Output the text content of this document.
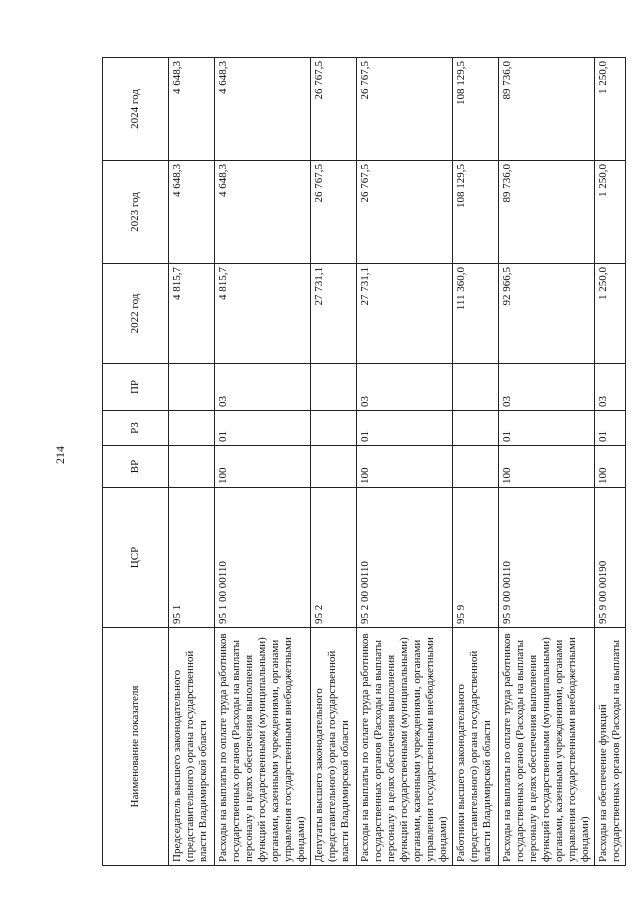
214
Наименование показателя	ЦСР	ВР	РЗ	ПР	2022 год	2023 год	2024 год
Председатель высшего законодательного (представительного) органа государственной власти Владимирской области	95 1				4 815,7	4 648,3	4 648,3
Расходы на выплаты по оплате труда работников государственных органов (Расходы на выплаты персоналу в целях обеспечения выполнения функций государственными (муниципальными) органами, казенными учреждениями, органами управления государственными внебюджетными фондами)	95 1 00 00110	100	01	03	4 815,7	4 648,3	4 648,3
Депутаты высшего законодательного (представительного) органа государственной власти Владимирской области	95 2				27 731,1	26 767,5	26 767,5
Расходы на выплаты по оплате труда работников государственных органов (Расходы на выплаты персоналу в целях обеспечения выполнения функций государственными (муниципальными) органами, казенными учреждениями, органами управления государственными внебюджетными фондами)	95 2 00 00110	100	01	03	27 731,1	26 767,5	26 767,5
Работники высшего законодательного (представительного) органа государственной власти Владимирской области	95 9				111 360,0	108 129,5	108 129,5
Расходы на выплаты по оплате труда работников государственных органов (Расходы на выплаты персоналу в целях обеспечения выполнения функций государственными (муниципальными) органами, казенными учреждениями, органами управления государственными внебюджетными фондами)	95 9 00 00110	100	01	03	92 966,5	89 736,0	89 736,0
Расходы на обеспечение функций государственных органов (Расходы на выплаты	95 9 00 00190	100	01	03	1 250,0	1 250,0	1 250,0
